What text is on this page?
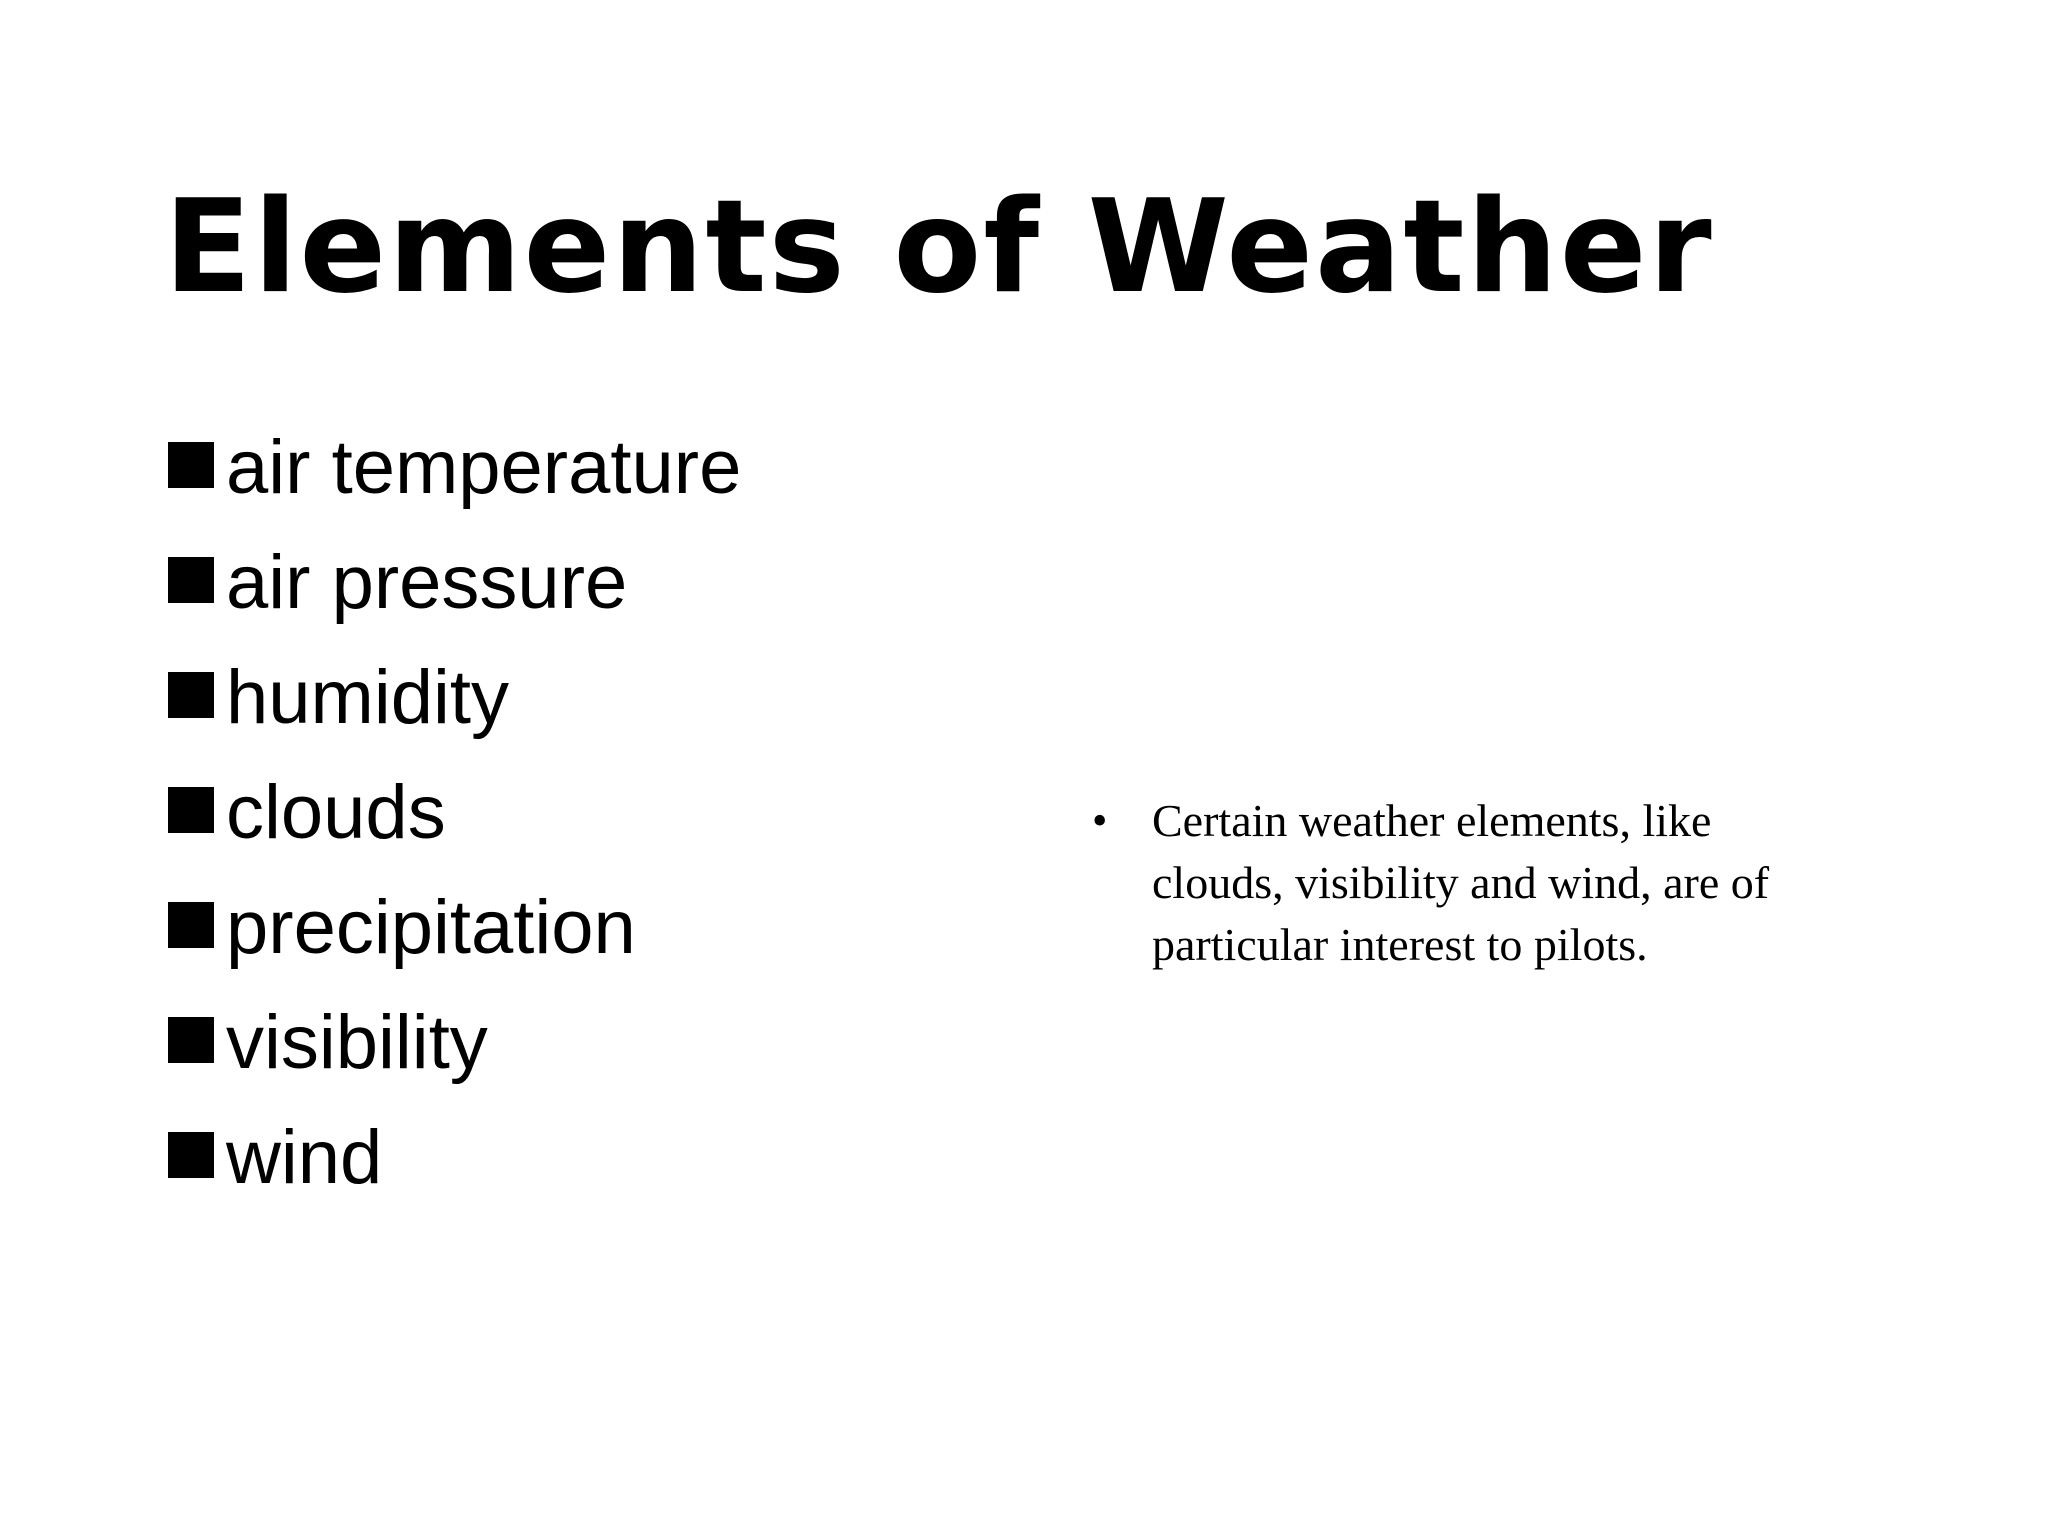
Elements of Weather
air temperature
air pressure
humidity
clouds
precipitation
visibility
wind
• Certain weather elements, like clouds, visibility and wind, are of particular interest to pilots.
